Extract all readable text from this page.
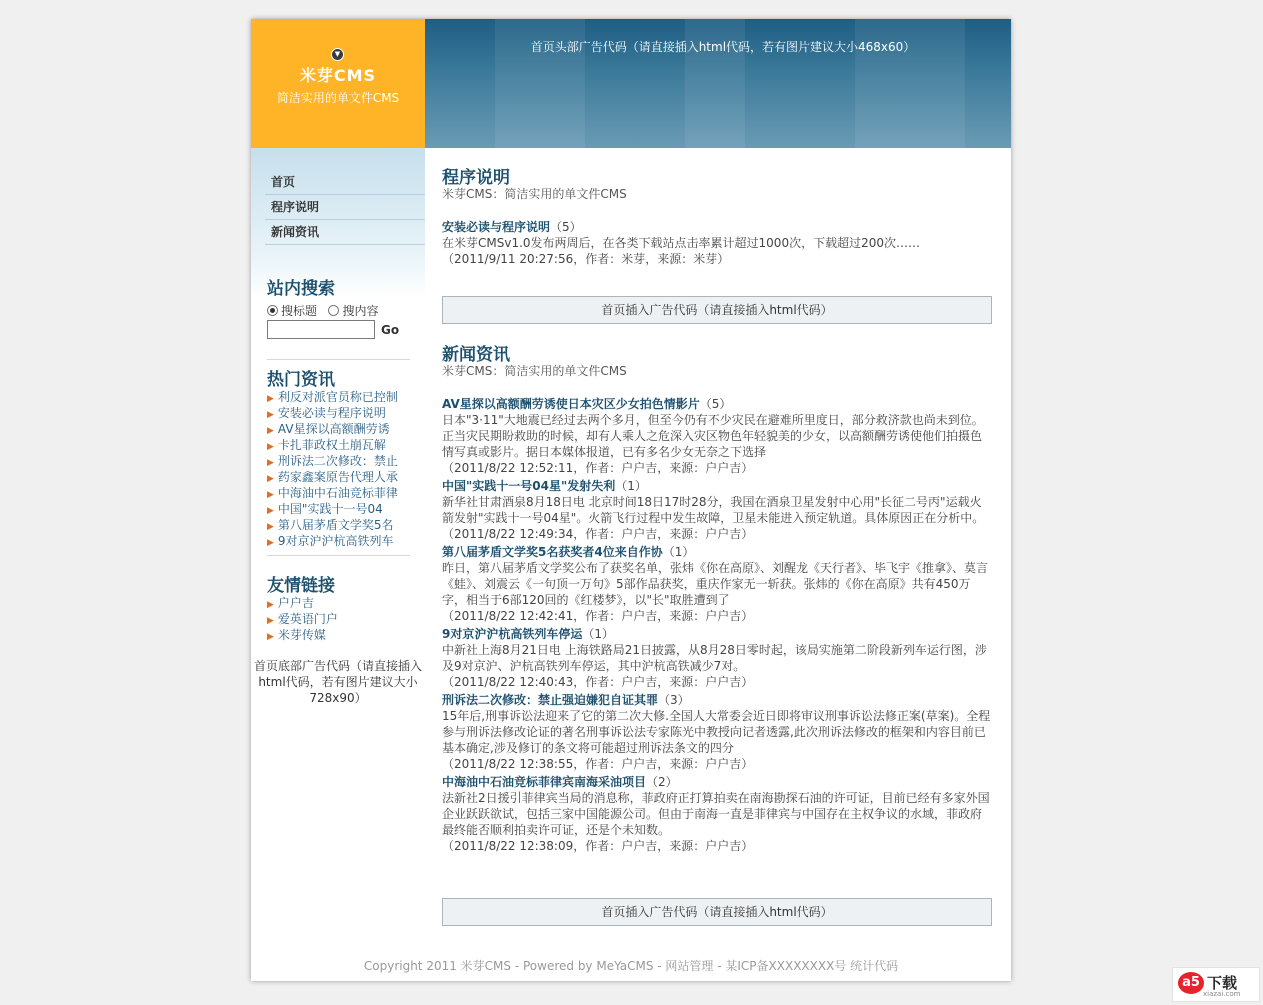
▼
米芽CMS
简洁实用的单文件CMS
首页头部广告代码（请直接插入html代码，若有图片建议大小468x60）
首页
程序说明
新闻资讯
站内搜索
搜标题 搜内容
Go
热门资讯
▶ 利反对派官员称已控制
▶ 安装必读与程序说明
▶ AV星探以高额酬劳诱
▶ 卡扎菲政权土崩瓦解
▶ 刑诉法二次修改：禁止
▶ 药家鑫案原告代理人承
▶ 中海油中石油竞标菲律
▶ 中国"实践十一号04
▶ 第八届茅盾文学奖5名
▶ 9对京沪沪杭高铁列车
友情链接
▶ 户户吉
▶ 爱英语门户
▶ 米芽传媒
首页底部广告代码（请直接插入html代码，若有图片建议大小728x90）
程序说明
米芽CMS：简洁实用的单文件CMS
安装必读与程序说明（5）
在米芽CMSv1.0发布两周后，在各类下载站点击率累计超过1000次，下载超过200次……
（2011/9/11 20:27:56，作者：米芽，来源：米芽）
首页插入广告代码（请直接插入html代码）
新闻资讯
米芽CMS：简洁实用的单文件CMS
AV星探以高额酬劳诱使日本灾区少女拍色情影片（5）
日本"3·11"大地震已经过去两个多月，但至今仍有不少灾民在避难所里度日，部分救济款也尚未到位。正当灾民期盼救助的时候，却有人乘人之危深入灾区物色年轻貌美的少女，以高额酬劳诱使他们拍摄色情写真或影片。据日本媒体报道，已有多名少女无奈之下选择
（2011/8/22 12:52:11，作者：户户吉，来源：户户吉）
中国"实践十一号04星"发射失利（1）
新华社甘肃酒泉8月18日电 北京时间18日17时28分，我国在酒泉卫星发射中心用"长征二号丙"运载火箭发射"实践十一号04星"。火箭飞行过程中发生故障，卫星未能进入预定轨道。具体原因正在分析中。
（2011/8/22 12:49:34，作者：户户吉，来源：户户吉）
第八届茅盾文学奖5名获奖者4位来自作协（1）
昨日，第八届茅盾文学奖公布了获奖名单，张炜《你在高原》、刘醒龙《天行者》、毕飞宇《推拿》、莫言《蛙》、刘震云《一句顶一万句》5部作品获奖，重庆作家无一斩获。张炜的《你在高原》共有450万字，相当于6部120回的《红楼梦》，以"长"取胜遭到了
（2011/8/22 12:42:41，作者：户户吉，来源：户户吉）
9对京沪沪杭高铁列车停运（1）
中新社上海8月21日电 上海铁路局21日披露，从8月28日零时起，该局实施第二阶段新列车运行图，涉及9对京沪、沪杭高铁列车停运，其中沪杭高铁减少7对。
（2011/8/22 12:40:43，作者：户户吉，来源：户户吉）
刑诉法二次修改：禁止强迫嫌犯自证其罪（3）
15年后,刑事诉讼法迎来了它的第二次大修.全国人大常委会近日即将审议刑事诉讼法修正案(草案)。全程参与刑诉法修改论证的著名刑事诉讼法专家陈光中教授向记者透露,此次刑诉法修改的框架和内容目前已基本确定,涉及修订的条文将可能超过刑诉法条文的四分
（2011/8/22 12:38:55，作者：户户吉，来源：户户吉）
中海油中石油竞标菲律宾南海采油项目（2）
法新社2日援引菲律宾当局的消息称，菲政府正打算拍卖在南海勘探石油的许可证，目前已经有多家外国企业跃跃欲试，包括三家中国能源公司。但由于南海一直是菲律宾与中国存在主权争议的水域，菲政府最终能否顺利拍卖许可证，还是个未知数。
（2011/8/22 12:38:09，作者：户户吉，来源：户户吉）
首页插入广告代码（请直接插入html代码）
Copyright 2011 米芽CMS - Powered by MeYaCMS - 网站管理 - 某ICP备XXXXXXXX号 统计代码
a5 下载
xiazai.com
